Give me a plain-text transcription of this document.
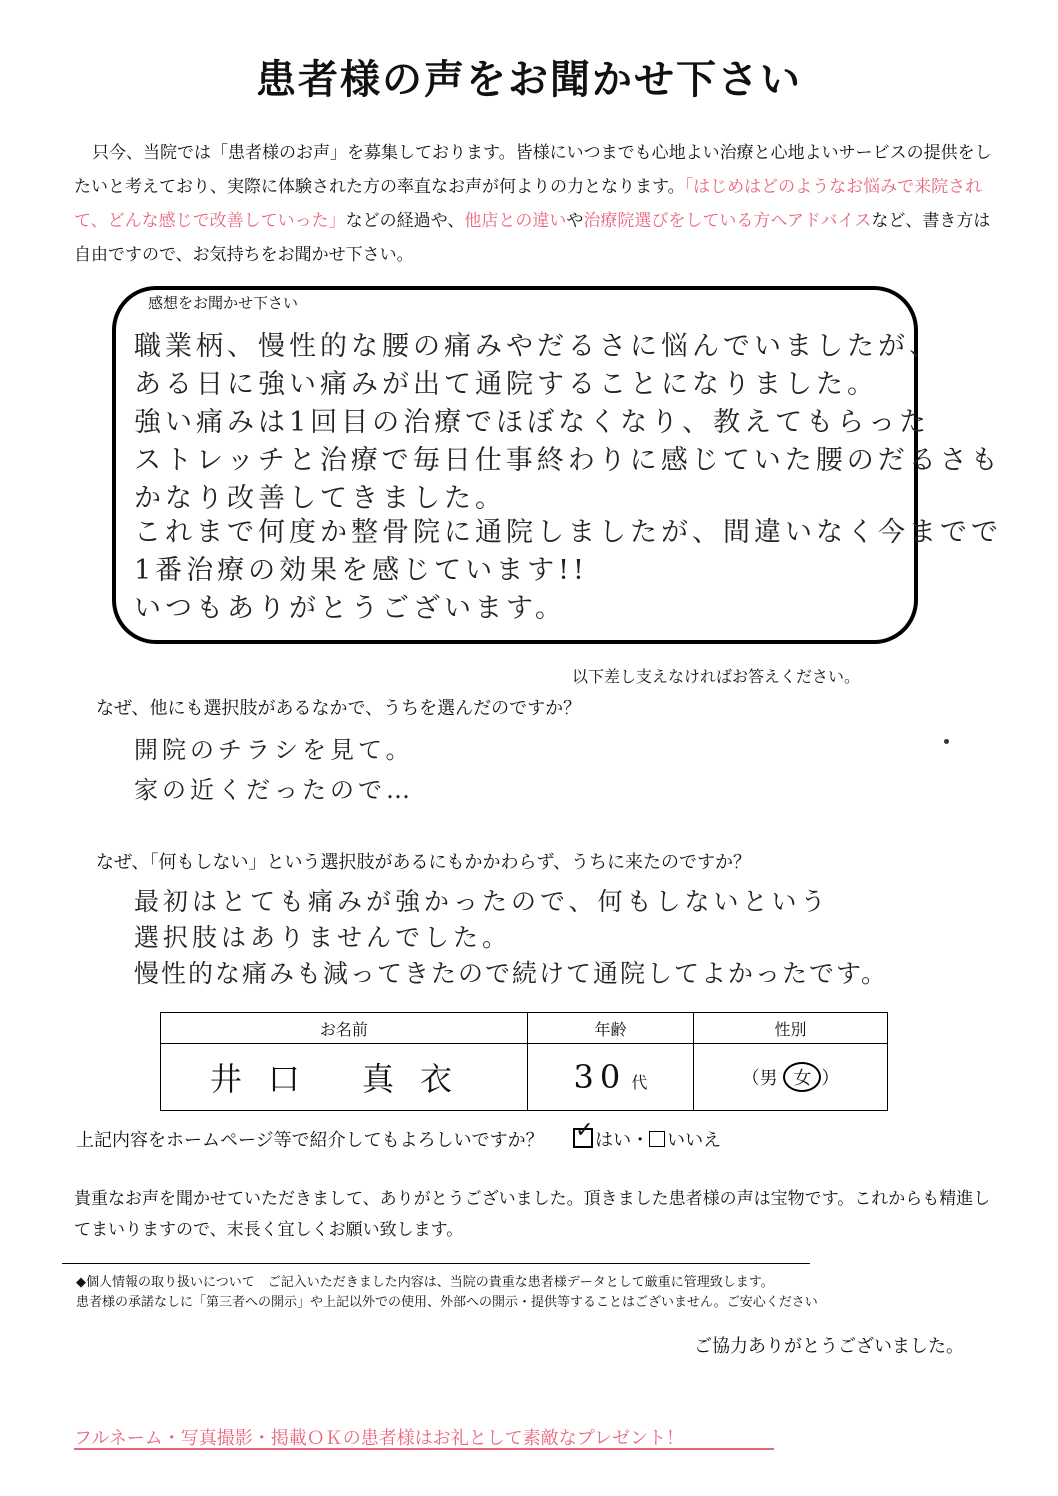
患者様の声をお聞かせ下さい

只今、当院では「患者様のお声」を募集しております。皆様にいつまでも心地よい治療と心地よいサービスの提供をしたいと考えており、実際に体験された方の率直なお声が何よりの力となります。「はじめはどのようなお悩みで来院されて、どんな感じで改善していった」などの経過や、他店との違いや治療院選びをしている方へアドバイスなど、書き方は自由ですので、お気持ちをお聞かせ下さい。

感想をお聞かせ下さい
職業柄、慢性的な腰の痛みやだるさに悩んでいましたが、
ある日に強い痛みが出て通院することになりました。
強い痛みは1回目の治療でほぼなくなり、教えてもらった
ストレッチと治療で毎日仕事終わりに感じていた腰のだるさも
かなり改善してきました。
これまで何度か整骨院に通院しましたが、間違いなく今までで
1番治療の効果を感じています!!
いつもありがとうございます。
以下差し支えなければお答えください。
なぜ、他にも選択肢があるなかで、うちを選んだのですか？
開院のチラシを見て。
家の近くだったので…
なぜ、「何もしない」という選択肢があるにもかかわらず、うちに来たのですか？
最初はとても痛みが強かったので、何もしないという
選択肢はありませんでした。
慢性的な痛みも減ってきたので続けて通院してよかったです。
お名前	年齢	性別
井口 真衣	30 代	（男 女 ）
上記内容をホームページ等で紹介してもよろしいですか？ ✓ はい・ いいえ
貴重なお声を聞かせていただきまして、ありがとうございました。頂きました患者様の声は宝物です。これからも精進してまいりますので、末長く宜しくお願い致します。
◆個人情報の取り扱いについて　ご記入いただきました内容は、当院の貴重な患者様データとして厳重に管理致します。
患者様の承諾なしに「第三者への開示」や上記以外での使用、外部への開示・提供等することはございません。ご安心ください
ご協力ありがとうございました。
フルネーム・写真撮影・掲載ＯＫの患者様はお礼として素敵なプレゼント！
